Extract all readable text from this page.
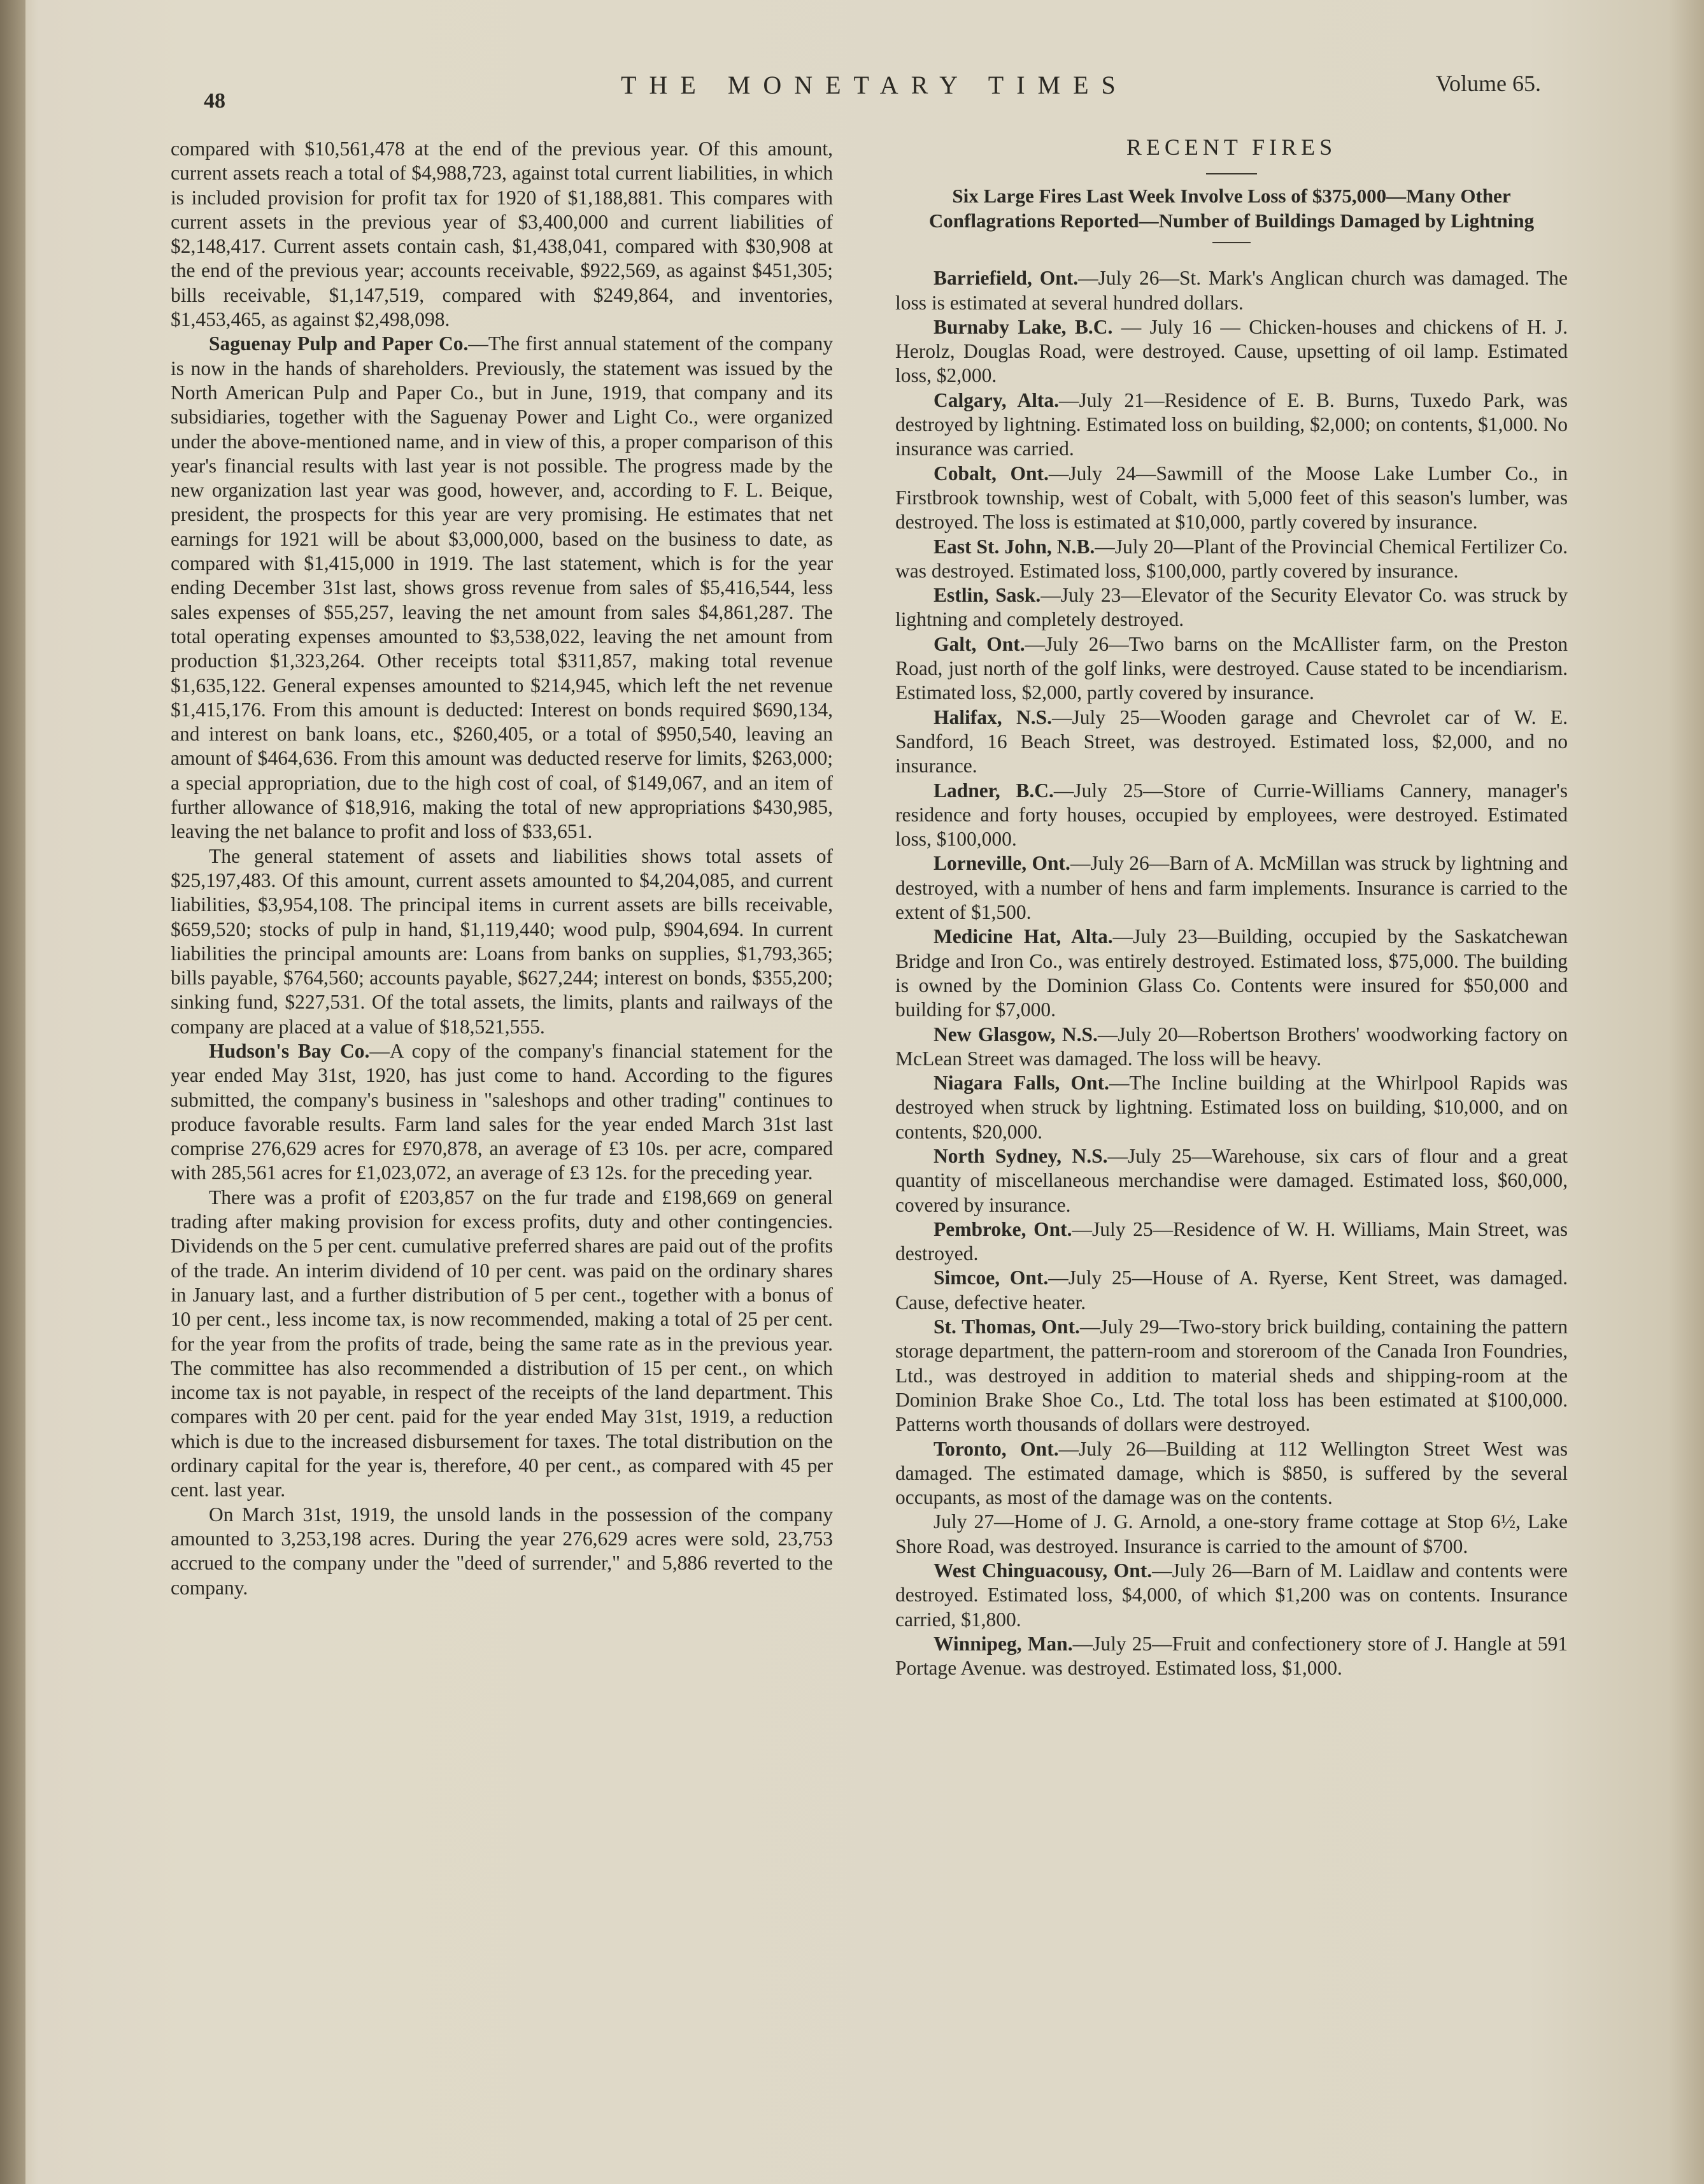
48
THE MONETARY TIMES	Volume 65.

compared with $10,561,478 at the end of the previous year. Of this amount, current assets reach a total of $4,988,723, against total current liabilities, in which is included provision for profit tax for 1920 of $1,188,881. This compares with current assets in the previous year of $3,400,000 and current liabilities of $2,148,417. Current assets contain cash, $1,438,041, compared with $30,908 at the end of the previous year; accounts receivable, $922,569, as against $451,305; bills receivable, $1,147,519, compared with $249,864, and inventories, $1,453,465, as against $2,498,098.

Saguenay Pulp and Paper Co.—The first annual statement of the company is now in the hands of shareholders. Previously, the statement was issued by the North American Pulp and Paper Co., but in June, 1919, that company and its subsidiaries, together with the Saguenay Power and Light Co., were organized under the above-mentioned name, and in view of this, a proper comparison of this year's financial results with last year is not possible. The progress made by the new organization last year was good, however, and, according to F. L. Beique, president, the prospects for this year are very promising. He estimates that net earnings for 1921 will be about $3,000,000, based on the business to date, as compared with $1,415,000 in 1919. The last statement, which is for the year ending December 31st last, shows gross revenue from sales of $5,416,544, less sales expenses of $55,257, leaving the net amount from sales $4,861,287. The total operating expenses amounted to $3,538,022, leaving the net amount from production $1,323,264. Other receipts total $311,857, making total revenue $1,635,122. General expenses amounted to $214,945, which left the net revenue $1,415,176. From this amount is deducted: Interest on bonds required $690,134, and interest on bank loans, etc., $260,405, or a total of $950,540, leaving an amount of $464,636. From this amount was deducted reserve for limits, $263,000; a special appropriation, due to the high cost of coal, of $149,067, and an item of further allowance of $18,916, making the total of new appropriations $430,985, leaving the net balance to profit and loss of $33,651.

The general statement of assets and liabilities shows total assets of $25,197,483. Of this amount, current assets amounted to $4,204,085, and current liabilities, $3,954,108. The principal items in current assets are bills receivable, $659,520; stocks of pulp in hand, $1,119,440; wood pulp, $904,694. In current liabilities the principal amounts are: Loans from banks on supplies, $1,793,365; bills payable, $764,560; accounts payable, $627,244; interest on bonds, $355,200; sinking fund, $227,531. Of the total assets, the limits, plants and railways of the company are placed at a value of $18,521,555.

Hudson's Bay Co.—A copy of the company's financial statement for the year ended May 31st, 1920, has just come to hand. According to the figures submitted, the company's business in "saleshops and other trading" continues to produce favorable results. Farm land sales for the year ended March 31st last comprise 276,629 acres for £970,878, an average of £3 10s. per acre, compared with 285,561 acres for £1,023,072, an average of £3 12s. for the preceding year.

There was a profit of £203,857 on the fur trade and £198,669 on general trading after making provision for excess profits, duty and other contingencies. Dividends on the 5 per cent. cumulative preferred shares are paid out of the profits of the trade. An interim dividend of 10 per cent. was paid on the ordinary shares in January last, and a further distribution of 5 per cent., together with a bonus of 10 per cent., less income tax, is now recommended, making a total of 25 per cent. for the year from the profits of trade, being the same rate as in the previous year. The committee has also recommended a distribution of 15 per cent., on which income tax is not payable, in respect of the receipts of the land department. This compares with 20 per cent. paid for the year ended May 31st, 1919, a reduction which is due to the increased disbursement for taxes. The total distribution on the ordinary capital for the year is, therefore, 40 per cent., as compared with 45 per cent. last year.

On March 31st, 1919, the unsold lands in the possession of the company amounted to 3,253,198 acres. During the year 276,629 acres were sold, 23,753 accrued to the company under the "deed of surrender," and 5,886 reverted to the company.

RECENT FIRES
Six Large Fires Last Week Involve Loss of $375,000—Many Other Conflagrations Reported—Number of Buildings Damaged by Lightning

Barriefield, Ont.—July 26—St. Mark's Anglican church was damaged. The loss is estimated at several hundred dollars.

Burnaby Lake, B.C. — July 16 — Chicken-houses and chickens of H. J. Herolz, Douglas Road, were destroyed. Cause, upsetting of oil lamp. Estimated loss, $2,000.

Calgary, Alta.—July 21—Residence of E. B. Burns, Tuxedo Park, was destroyed by lightning. Estimated loss on building, $2,000; on contents, $1,000. No insurance was carried.

Cobalt, Ont.—July 24—Sawmill of the Moose Lake Lumber Co., in Firstbrook township, west of Cobalt, with 5,000 feet of this season's lumber, was destroyed. The loss is estimated at $10,000, partly covered by insurance.

East St. John, N.B.—July 20—Plant of the Provincial Chemical Fertilizer Co. was destroyed. Estimated loss, $100,000, partly covered by insurance.

Estlin, Sask.—July 23—Elevator of the Security Elevator Co. was struck by lightning and completely destroyed.

Galt, Ont.—July 26—Two barns on the McAllister farm, on the Preston Road, just north of the golf links, were destroyed. Cause stated to be incendiarism. Estimated loss, $2,000, partly covered by insurance.

Halifax, N.S.—July 25—Wooden garage and Chevrolet car of W. E. Sandford, 16 Beach Street, was destroyed. Estimated loss, $2,000, and no insurance.

Ladner, B.C.—July 25—Store of Currie-Williams Cannery, manager's residence and forty houses, occupied by employees, were destroyed. Estimated loss, $100,000.

Lorneville, Ont.—July 26—Barn of A. McMillan was struck by lightning and destroyed, with a number of hens and farm implements. Insurance is carried to the extent of $1,500.

Medicine Hat, Alta.—July 23—Building, occupied by the Saskatchewan Bridge and Iron Co., was entirely destroyed. Estimated loss, $75,000. The building is owned by the Dominion Glass Co. Contents were insured for $50,000 and building for $7,000.

New Glasgow, N.S.—July 20—Robertson Brothers' woodworking factory on McLean Street was damaged. The loss will be heavy.

Niagara Falls, Ont.—The Incline building at the Whirlpool Rapids was destroyed when struck by lightning. Estimated loss on building, $10,000, and on contents, $20,000.

North Sydney, N.S.—July 25—Warehouse, six cars of flour and a great quantity of miscellaneous merchandise were damaged. Estimated loss, $60,000, covered by insurance.

Pembroke, Ont.—July 25—Residence of W. H. Williams, Main Street, was destroyed.

Simcoe, Ont.—July 25—House of A. Ryerse, Kent Street, was damaged. Cause, defective heater.

St. Thomas, Ont.—July 29—Two-story brick building, containing the pattern storage department, the pattern-room and storeroom of the Canada Iron Foundries, Ltd., was destroyed in addition to material sheds and shipping-room at the Dominion Brake Shoe Co., Ltd. The total loss has been estimated at $100,000. Patterns worth thousands of dollars were destroyed.

Toronto, Ont.—July 26—Building at 112 Wellington Street West was damaged. The estimated damage, which is $850, is suffered by the several occupants, as most of the damage was on the contents.

July 27—Home of J. G. Arnold, a one-story frame cottage at Stop 6½, Lake Shore Road, was destroyed. Insurance is carried to the amount of $700.

West Chinguacousy, Ont.—July 26—Barn of M. Laidlaw and contents were destroyed. Estimated loss, $4,000, of which $1,200 was on contents. Insurance carried, $1,800.

Winnipeg, Man.—July 25—Fruit and confectionery store of J. Hangle at 591 Portage Avenue. was destroyed. Estimated loss, $1,000.
